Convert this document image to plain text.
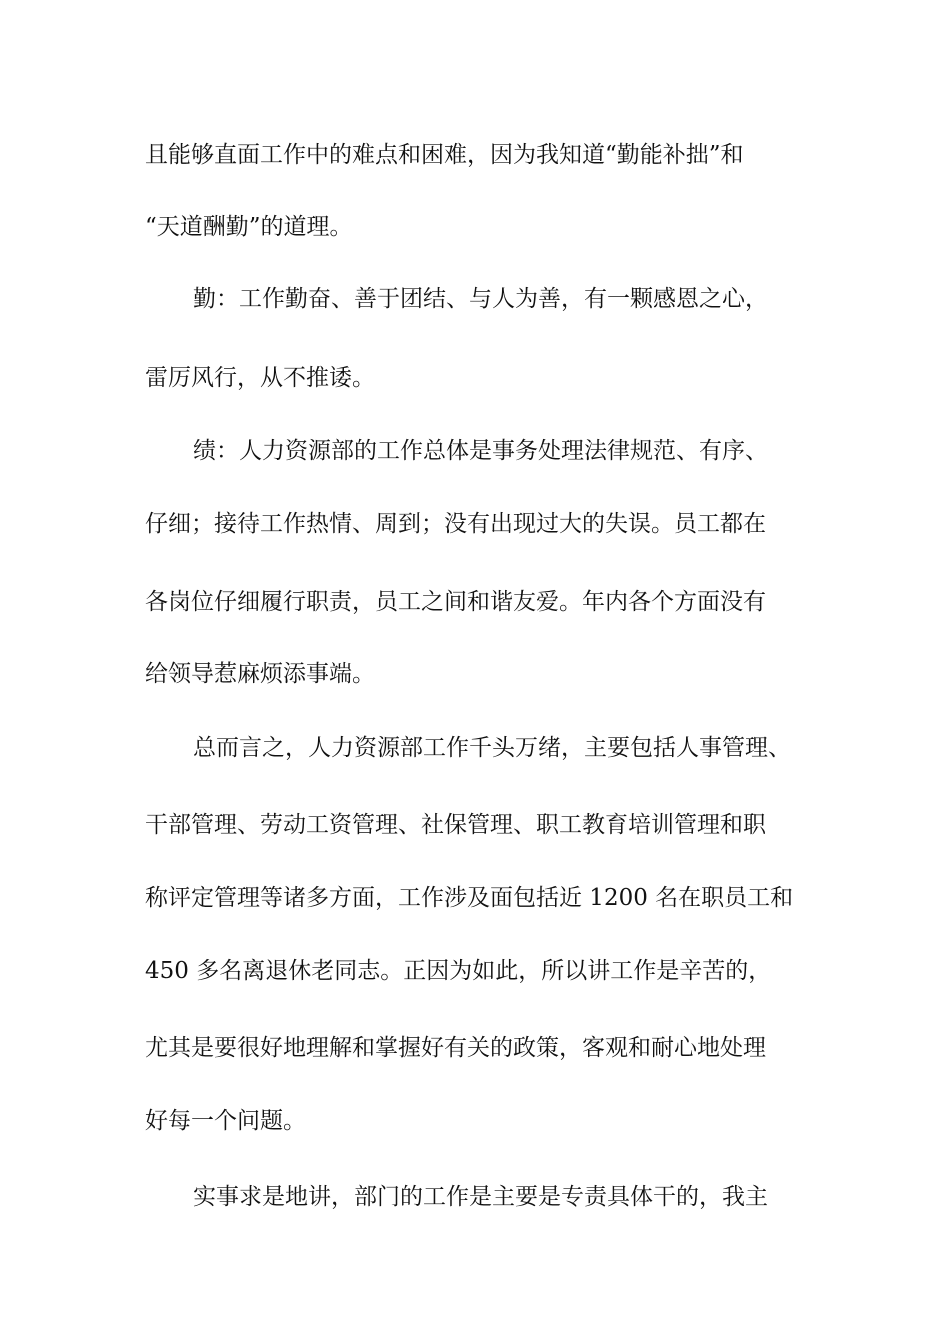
且能够直面工作中的难点和困难，因为我知道“勤能补拙”和

“天道酬勤”的道理。

勤：工作勤奋、善于团结、与人为善，有一颗感恩之心，

雷厉风行，从不推诿。

绩：人力资源部的工作总体是事务处理法律规范、有序、

仔细；接待工作热情、周到；没有出现过大的失误。员工都在

各岗位仔细履行职责，员工之间和谐友爱。年内各个方面没有

给领导惹麻烦添事端。

总而言之，人力资源部工作千头万绪，主要包括人事管理、

干部管理、劳动工资管理、社保管理、职工教育培训管理和职

称评定管理等诸多方面，工作涉及面包括近 1200 名在职员工和

450 多名离退休老同志。正因为如此，所以讲工作是辛苦的，

尤其是要很好地理解和掌握好有关的政策，客观和耐心地处理

好每一个问题。

实事求是地讲，部门的工作是主要是专责具体干的，我主
